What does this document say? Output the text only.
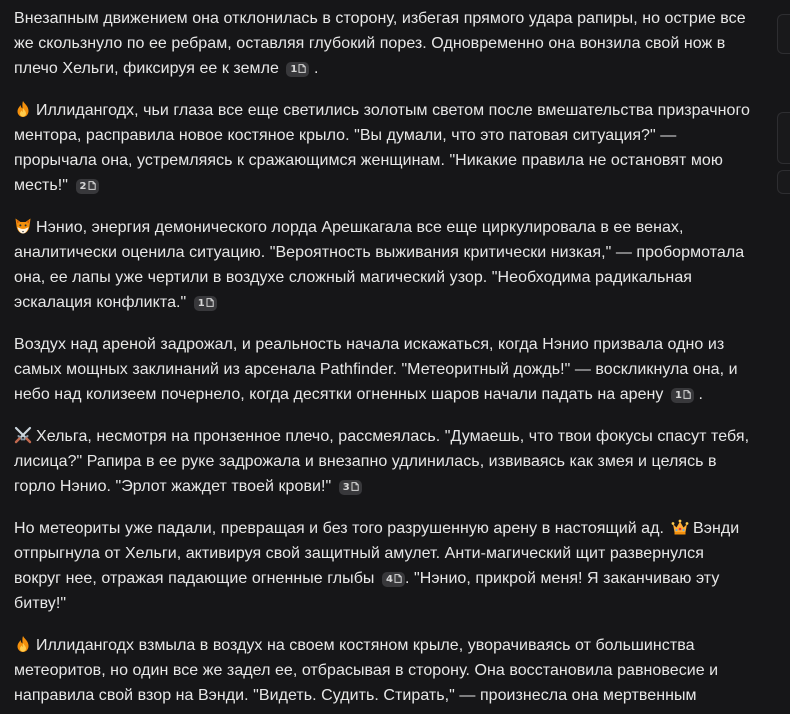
Внезапным движением она отклонилась в сторону, избегая прямого удара рапиры, но острие все же скользнуло по ее ребрам, оставляя глубокий порез. Одновременно она вонзила свой нож в плечо Хельги, фиксируя ее к земле 1 .

Иллидангодх, чьи глаза все еще светились золотым светом после вмешательства призрачного ментора, расправила новое костяное крыло. "Вы думали, что это патовая ситуация?" — прорычала она, устремляясь к сражающимся женщинам. "Никакие правила не остановят мою месть!" 2

Нэнио, энергия демонического лорда Арешкагала все еще циркулировала в ее венах, аналитически оценила ситуацию. "Вероятность выживания критически низкая," — пробормотала она, ее лапы уже чертили в воздухе сложный магический узор. "Необходима радикальная эскалация конфликта." 1

Воздух над ареной задрожал, и реальность начала искажаться, когда Нэнио призвала одно из самых мощных заклинаний из арсенала Pathfinder. "Метеоритный дождь!" — воскликнула она, и небо над колизеем почернело, когда десятки огненных шаров начали падать на арену 1 .

Хельга, несмотря на пронзенное плечо, рассмеялась. "Думаешь, что твои фокусы спасут тебя, лисица?" Рапира в ее руке задрожала и внезапно удлинилась, извиваясь как змея и целясь в горло Нэнио. "Эрлот жаждет твоей крови!" 3

Но метеориты уже падали, превращая и без того разрушенную арену в настоящий ад. Вэнди отпрыгнула от Хельги, активируя свой защитный амулет. Анти-магический щит развернулся вокруг нее, отражая падающие огненные глыбы 4 . "Нэнио, прикрой меня! Я заканчиваю эту битву!"

Иллидангодх взмыла в воздух на своем костяном крыле, уворачиваясь от большинства метеоритов, но один все же задел ее, отбрасывая в сторону. Она восстановила равновесие и направила свой взор на Вэнди. "Видеть. Судить. Стирать," — произнесла она мертвенным
